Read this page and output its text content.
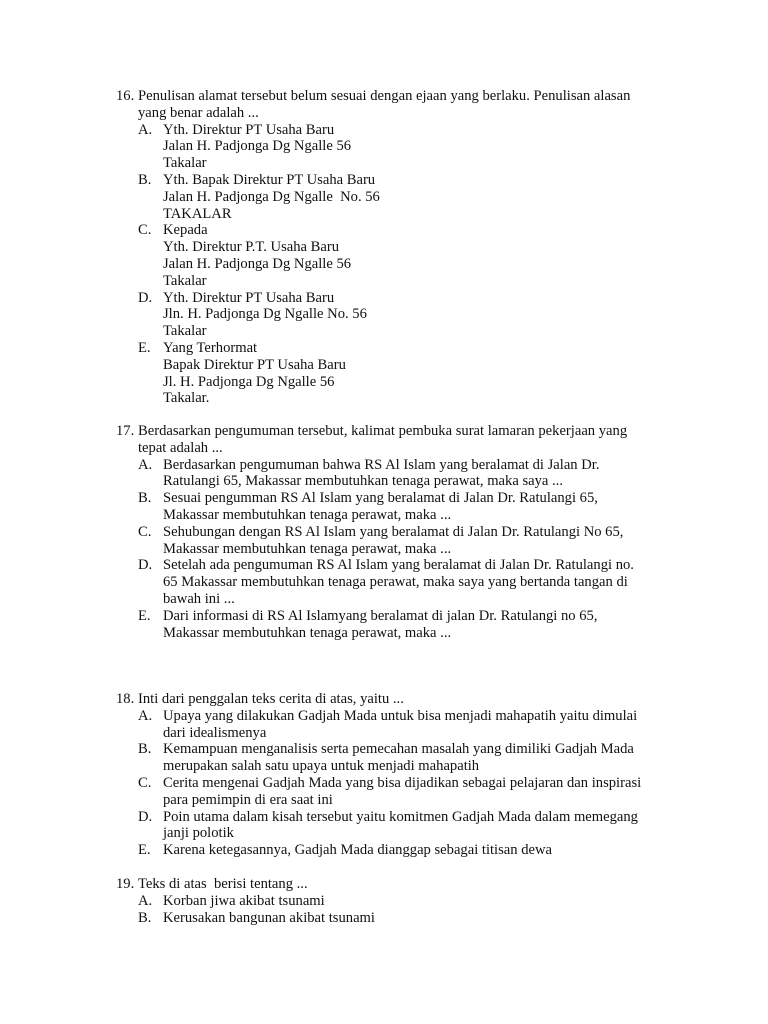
16. Penulisan alamat tersebut belum sesuai dengan ejaan yang berlaku. Penulisan alasan
yang benar adalah ...
A. Yth. Direktur PT Usaha Baru
Jalan H. Padjonga Dg Ngalle 56
Takalar
B. Yth. Bapak Direktur PT Usaha Baru
Jalan H. Padjonga Dg Ngalle  No. 56
TAKALAR
C. Kepada
Yth. Direktur P.T. Usaha Baru
Jalan H. Padjonga Dg Ngalle 56
Takalar
D. Yth. Direktur PT Usaha Baru
Jln. H. Padjonga Dg Ngalle No. 56
Takalar
E. Yang Terhormat
Bapak Direktur PT Usaha Baru
Jl. H. Padjonga Dg Ngalle 56
Takalar.
17. Berdasarkan pengumuman tersebut, kalimat pembuka surat lamaran pekerjaan yang
tepat adalah ...
A. Berdasarkan pengumuman bahwa RS Al Islam yang beralamat di Jalan Dr.
Ratulangi 65, Makassar membutuhkan tenaga perawat, maka saya ...
B. Sesuai pengumman RS Al Islam yang beralamat di Jalan Dr. Ratulangi 65,
Makassar membutuhkan tenaga perawat, maka ...
C. Sehubungan dengan RS Al Islam yang beralamat di Jalan Dr. Ratulangi No 65,
Makassar membutuhkan tenaga perawat, maka ...
D. Setelah ada pengumuman RS Al Islam yang beralamat di Jalan Dr. Ratulangi no.
65 Makassar membutuhkan tenaga perawat, maka saya yang bertanda tangan di
bawah ini ...
E. Dari informasi di RS Al Islamyang beralamat di jalan Dr. Ratulangi no 65,
Makassar membutuhkan tenaga perawat, maka ...
18. Inti dari penggalan teks cerita di atas, yaitu ...
A. Upaya yang dilakukan Gadjah Mada untuk bisa menjadi mahapatih yaitu dimulai
dari idealismenya
B. Kemampuan menganalisis serta pemecahan masalah yang dimiliki Gadjah Mada
merupakan salah satu upaya untuk menjadi mahapatih
C. Cerita mengenai Gadjah Mada yang bisa dijadikan sebagai pelajaran dan inspirasi
para pemimpin di era saat ini
D. Poin utama dalam kisah tersebut yaitu komitmen Gadjah Mada dalam memegang
janji polotik
E. Karena ketegasannya, Gadjah Mada dianggap sebagai titisan dewa
19. Teks di atas  berisi tentang ...
A. Korban jiwa akibat tsunami
B. Kerusakan bangunan akibat tsunami
